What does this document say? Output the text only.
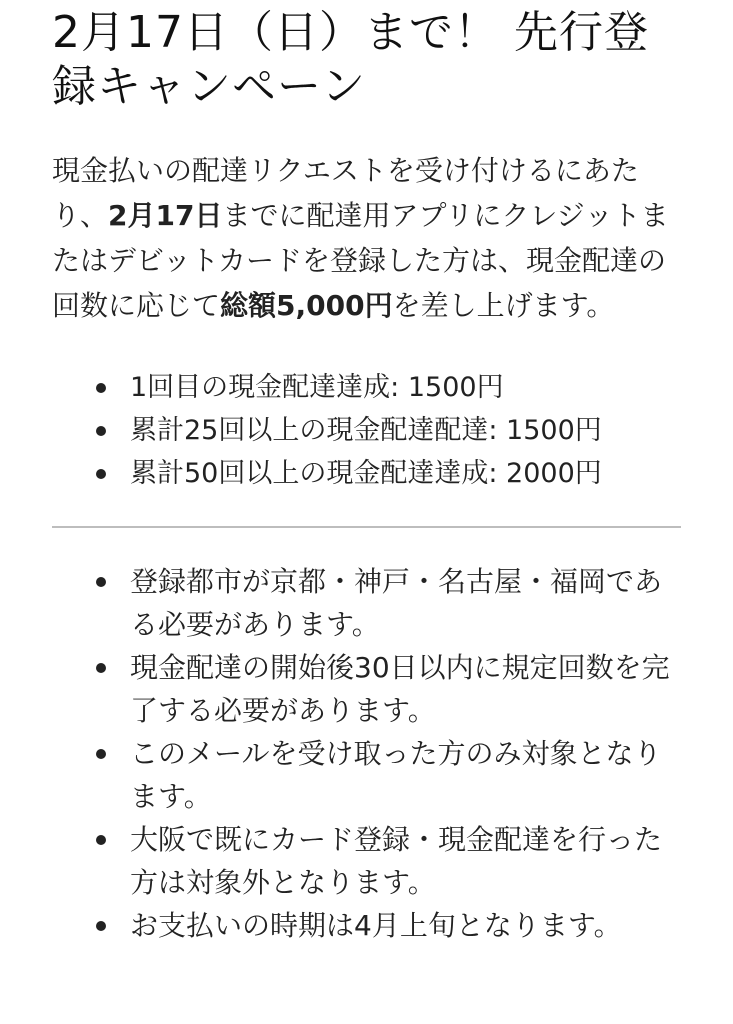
2月17日（日）まで！ 先行登録キャンペーン

現金払いの配達リクエストを受け付けるにあたり、2月17日までに配達用アプリにクレジットまたはデビットカードを登録した方は、現金配達の回数に応じて総額5,000円を差し上げます。

1回目の現金配達達成: 1500円
累計25回以上の現金配達配達: 1500円
累計50回以上の現金配達達成: 2000円
登録都市が京都・神戸・名古屋・福岡である必要があります。
現金配達の開始後30日以内に規定回数を完了する必要があります。
このメールを受け取った方のみ対象となります。
大阪で既にカード登録・現金配達を行った方は対象外となります。
お支払いの時期は4月上旬となります。
